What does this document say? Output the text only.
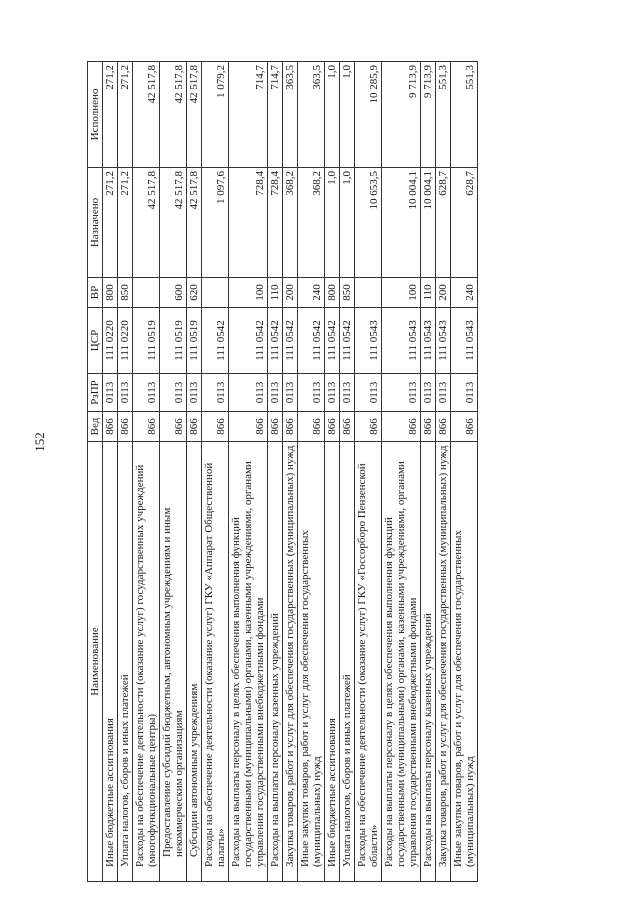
152
Наименование	Вед	РзПР	ЦСР	ВР	Назначено	Исполнено
Иные бюджетные ассигнования	866	0113	111 0220	800	271,2	271,2
Уплата налогов, сборов и иных платежей	866	0113	111 0220	850	271,2	271,2
Расходы на обеспечение деятельности (оказание услуг) государственных учреждений (многофункциональные центры)	866	0113	111 0519		42 517,8	42 517,8
Предоставление субсидий бюджетным, автономным учреждениям и иным некоммерческим организациям	866	0113	111 0519	600	42 517,8	42 517,8
Субсидии автономным учреждениям	866	0113	111 0519	620	42 517,8	42 517,8
Расходы на обеспечение деятельности (оказание услуг) ГКУ «Аппарат Общественной палаты»	866	0113	111 0542		1 097,6	1 079,2
Расходы на выплаты персоналу в целях обеспечения выполнения функций государственными (муниципальными) органами, казенными учреждениями, органами управления государственными внебюджетными фондами	866	0113	111 0542	100	728,4	714,7
Расходы на выплаты персоналу казенных учреждений	866	0113	111 0542	110	728,4	714,7
Закупка товаров, работ и услуг для обеспечения государственных (муниципальных) нужд	866	0113	111 0542	200	368,2	363,5
Иные закупки товаров, работ и услуг для обеспечения государственных (муниципальных) нужд	866	0113	111 0542	240	368,2	363,5
Иные бюджетные ассигнования	866	0113	111 0542	800	1,0	1,0
Уплата налогов, сборов и иных платежей	866	0113	111 0542	850	1,0	1,0
Расходы на обеспечение деятельности (оказание услуг) ГКУ «Госсорборо Пензенской области»	866	0113	111 0543		10 653,5	10 285,9
Расходы на выплаты персоналу в целях обеспечения выполнения функций государственными (муниципальными) органами, казенными учреждениями, органами управления государственными внебюджетными фондами	866	0113	111 0543	100	10 004,1	9 713,9
Расходы на выплаты персоналу казенных учреждений	866	0113	111 0543	110	10 004,1	9 713,9
Закупка товаров, работ и услуг для обеспечения государственных (муниципальных) нужд	866	0113	111 0543	200	628,7	551,3
Иные закупки товаров, работ и услуг для обеспечения государственных (муниципальных) нужд	866	0113	111 0543	240	628,7	551,3
